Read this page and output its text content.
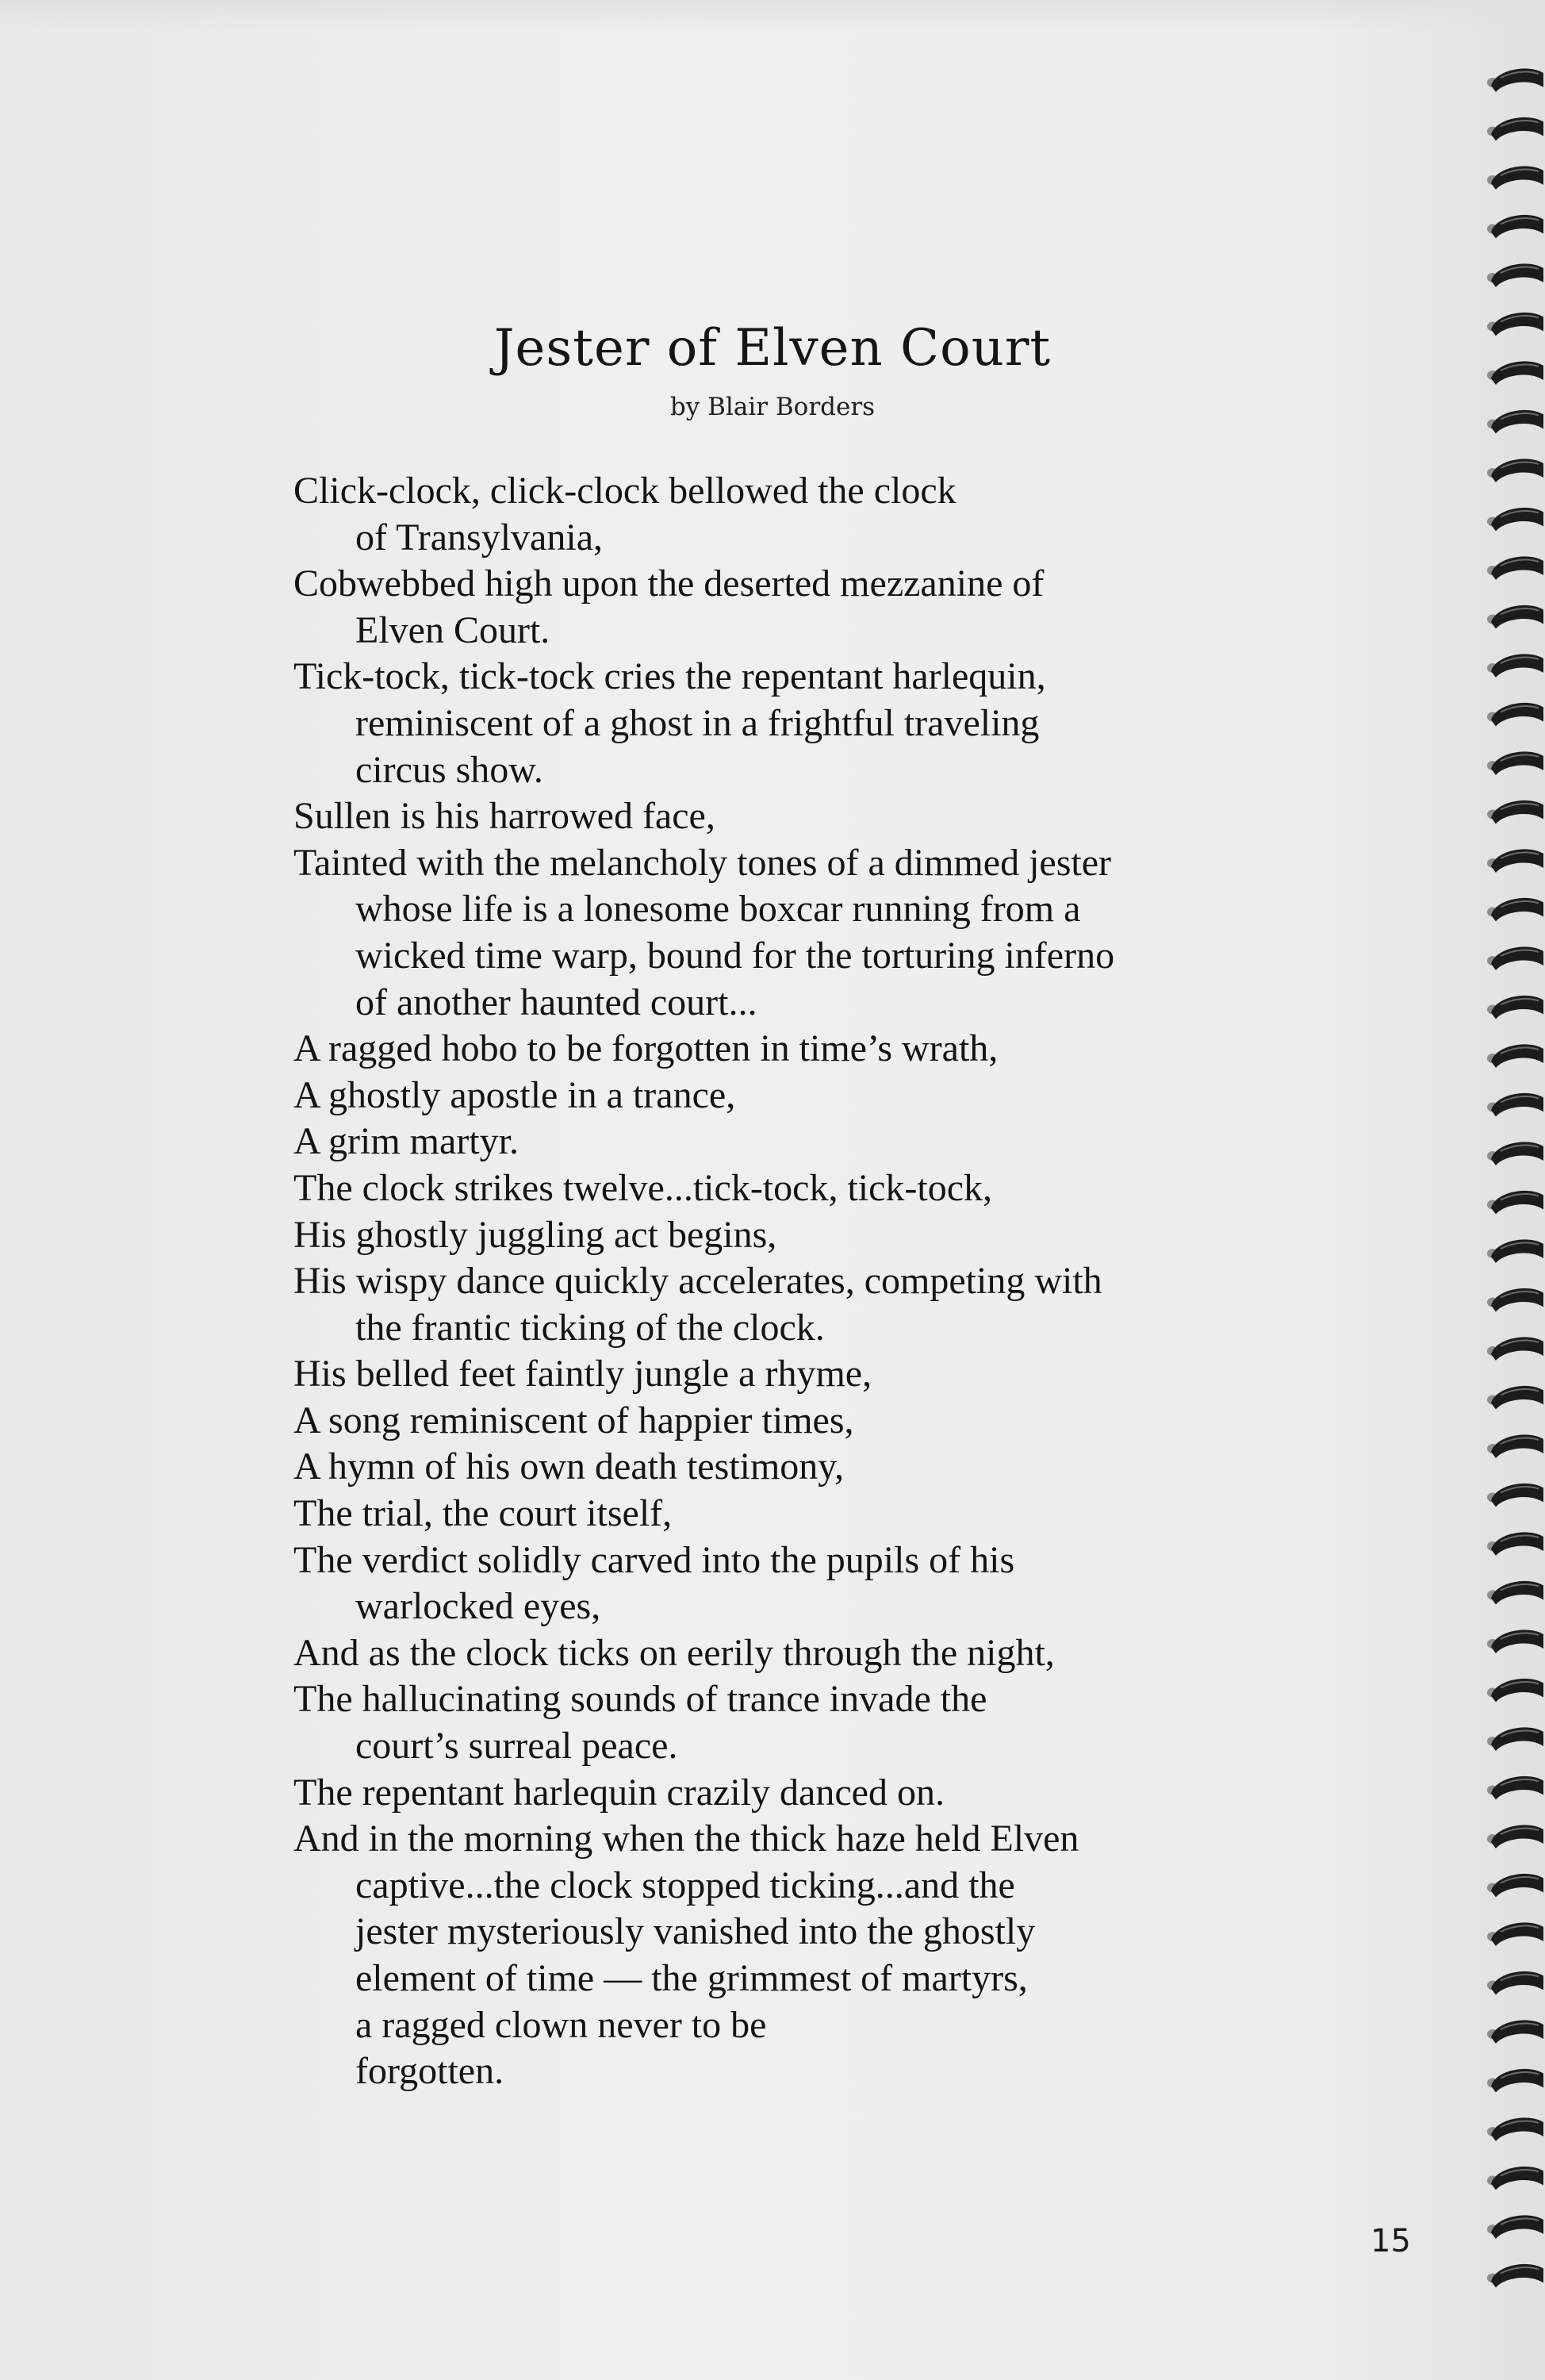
Jester of Elven Court
by Blair Borders
Click-clock, click-clock bellowed the clock
of Transylvania,
Cobwebbed high upon the deserted mezzanine of
Elven Court.
Tick-tock, tick-tock cries the repentant harlequin,
reminiscent of a ghost in a frightful traveling
circus show.
Sullen is his harrowed face,
Tainted with the melancholy tones of a dimmed jester
whose life is a lonesome boxcar running from a
wicked time warp, bound for the torturing inferno
of another haunted court...
A ragged hobo to be forgotten in time’s wrath,
A ghostly apostle in a trance,
A grim martyr.
The clock strikes twelve...tick-tock, tick-tock,
His ghostly juggling act begins,
His wispy dance quickly accelerates, competing with
the frantic ticking of the clock.
His belled feet faintly jungle a rhyme,
A song reminiscent of happier times,
A hymn of his own death testimony,
The trial, the court itself,
The verdict solidly carved into the pupils of his
warlocked eyes,
And as the clock ticks on eerily through the night,
The hallucinating sounds of trance invade the
court’s surreal peace.
The repentant harlequin crazily danced on.
And in the morning when the thick haze held Elven
captive...the clock stopped ticking...and the
jester mysteriously vanished into the ghostly
element of time — the grimmest of martyrs,
a ragged clown never to be
forgotten.
15
